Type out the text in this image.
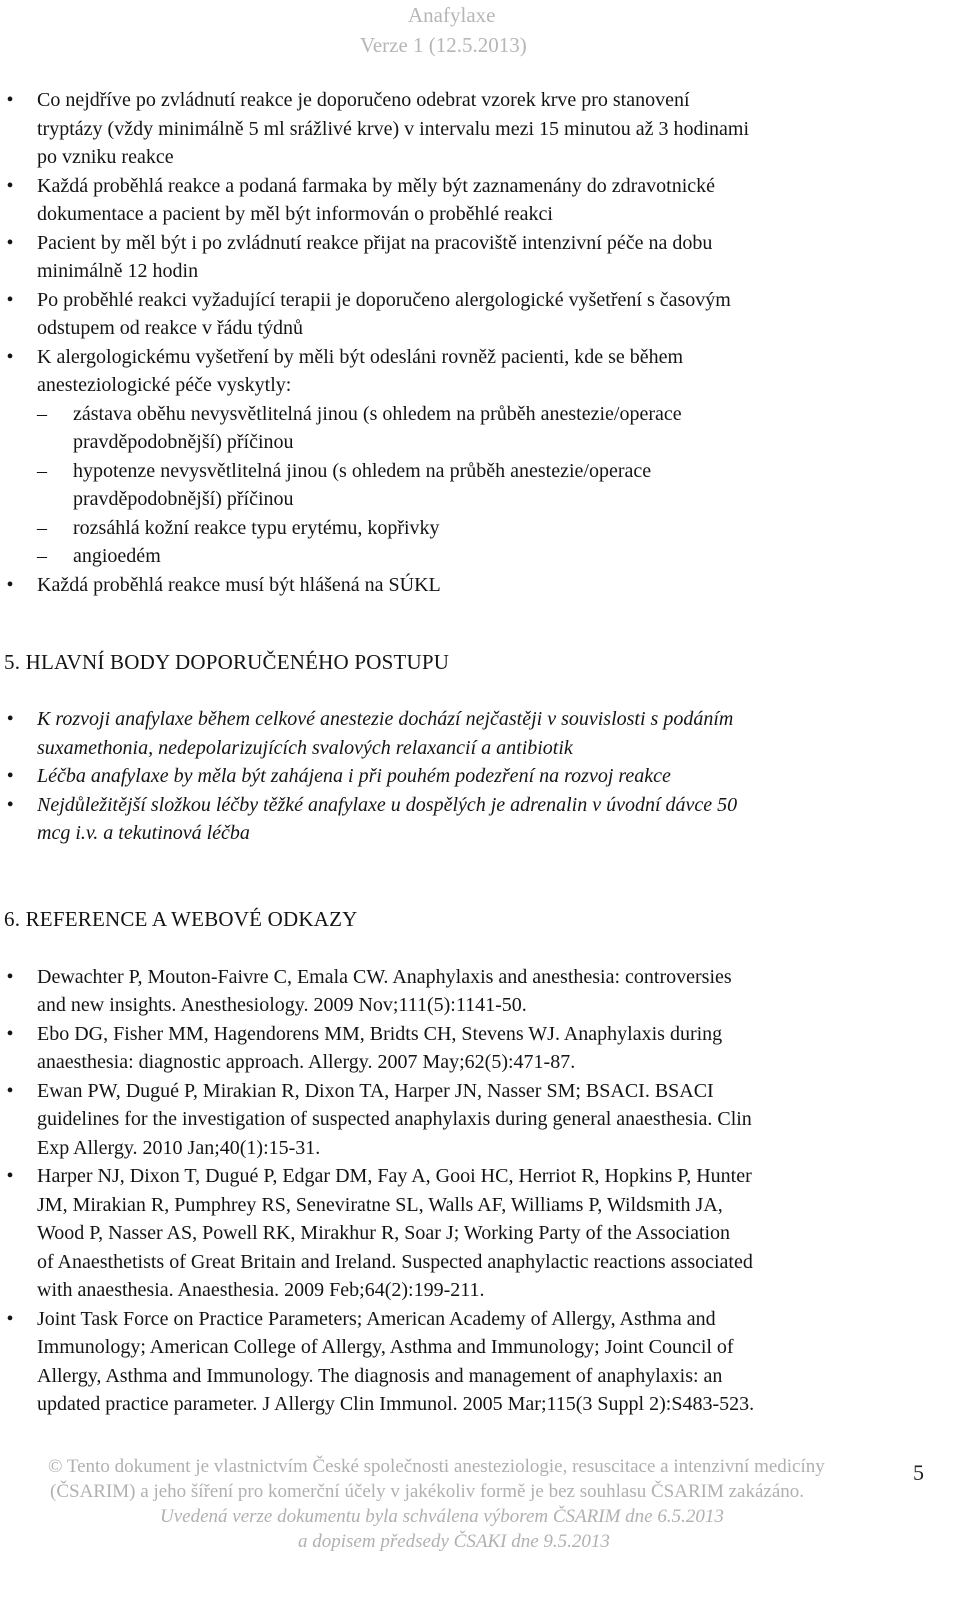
Anafylaxe
Verze 1 (12.5.2013)
• Co nejdříve po zvládnutí reakce je doporučeno odebrat vzorek krve pro stanovení
tryptázy (vždy minimálně 5 ml srážlivé krve) v intervalu mezi 15 minutou až 3 hodinami
po vzniku reakce
• Každá proběhlá reakce a podaná farmaka by měly být zaznamenány do zdravotnické
dokumentace a pacient by měl být informován o proběhlé reakci
• Pacient by měl být i po zvládnutí reakce přijat na pracoviště intenzivní péče na dobu
minimálně 12 hodin
• Po proběhlé reakci vyžadující terapii je doporučeno alergologické vyšetření s časovým
odstupem od reakce v řádu týdnů
• K alergologickému vyšetření by měli být odesláni rovněž pacienti, kde se během
anesteziologické péče vyskytly:
– zástava oběhu nevysvětlitelná jinou (s ohledem na průběh anestezie/operace
pravděpodobnější) příčinou
– hypotenze nevysvětlitelná jinou (s ohledem na průběh anestezie/operace
pravděpodobnější) příčinou
– rozsáhlá kožní reakce typu erytému, kopřivky
– angioedém
• Každá proběhlá reakce musí být hlášená na SÚKL
5. HLAVNÍ BODY DOPORUČENÉHO POSTUPU
• K rozvoji anafylaxe během celkové anestezie dochází nejčastěji v souvislosti s podáním
suxamethonia, nedepolarizujících svalových relaxancií a antibiotik
• Léčba anafylaxe by měla být zahájena i při pouhém podezření na rozvoj reakce
• Nejdůležitější složkou léčby těžké anafylaxe u dospělých je adrenalin v úvodní dávce 50
mcg i.v. a tekutinová léčba
6. REFERENCE A WEBOVÉ ODKAZY
• Dewachter P, Mouton-Faivre C, Emala CW. Anaphylaxis and anesthesia: controversies
and new insights. Anesthesiology. 2009 Nov;111(5):1141-50.
• Ebo DG, Fisher MM, Hagendorens MM, Bridts CH, Stevens WJ. Anaphylaxis during
anaesthesia: diagnostic approach. Allergy. 2007 May;62(5):471-87.
• Ewan PW, Dugué P, Mirakian R, Dixon TA, Harper JN, Nasser SM; BSACI. BSACI
guidelines for the investigation of suspected anaphylaxis during general anaesthesia. Clin
Exp Allergy. 2010 Jan;40(1):15-31.
• Harper NJ, Dixon T, Dugué P, Edgar DM, Fay A, Gooi HC, Herriot R, Hopkins P, Hunter
JM, Mirakian R, Pumphrey RS, Seneviratne SL, Walls AF, Williams P, Wildsmith JA,
Wood P, Nasser AS, Powell RK, Mirakhur R, Soar J; Working Party of the Association
of Anaesthetists of Great Britain and Ireland. Suspected anaphylactic reactions associated
with anaesthesia. Anaesthesia. 2009 Feb;64(2):199-211.
• Joint Task Force on Practice Parameters; American Academy of Allergy, Asthma and
Immunology; American College of Allergy, Asthma and Immunology; Joint Council of
Allergy, Asthma and Immunology. The diagnosis and management of anaphylaxis: an
updated practice parameter. J Allergy Clin Immunol. 2005 Mar;115(3 Suppl 2):S483-523.
© Tento dokument je vlastnictvím České společnosti anesteziologie, resuscitace a intenzivní medicíny
(ČSARIM) a jeho šíření pro komerční účely v jakékoliv formě je bez souhlasu ČSARIM zakázáno.
Uvedená verze dokumentu byla schválena výborem ČSARIM dne 6.5.2013
a dopisem předsedy ČSAKI dne 9.5.2013
5
